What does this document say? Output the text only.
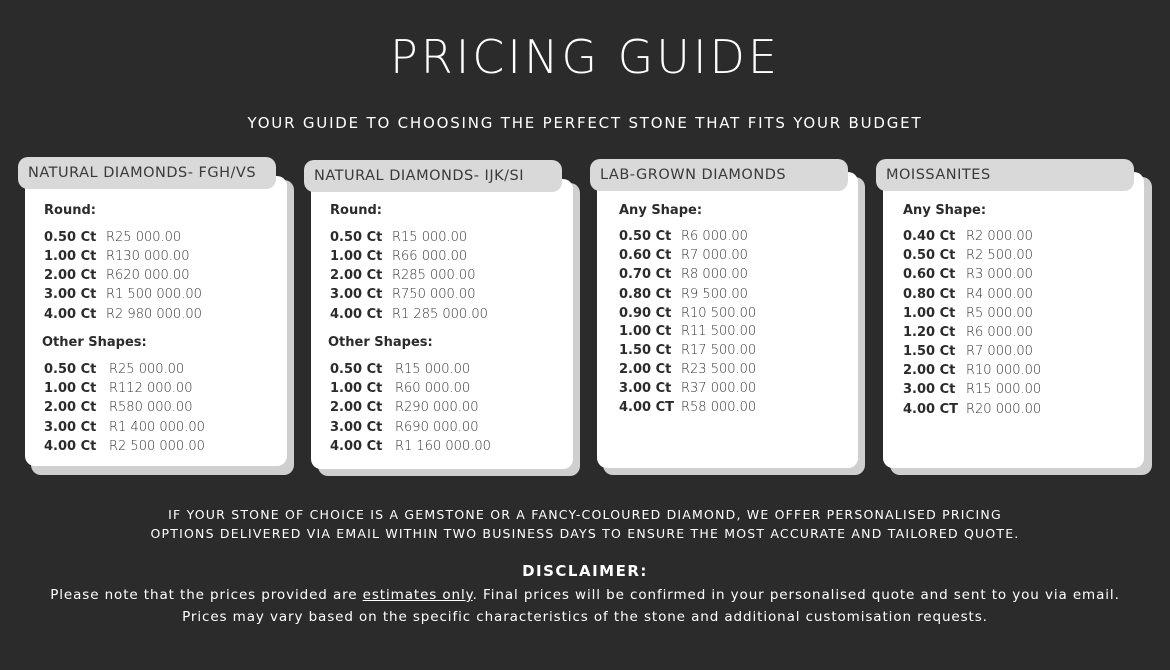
PRICING GUIDE
YOUR GUIDE TO CHOOSING THE PERFECT STONE THAT FITS YOUR BUDGET
NATURAL DIAMONDS- FGH/VS
Round:
0.50 Ct R25 000.00
1.00 Ct R130 000.00
2.00 Ct R620 000.00
3.00 Ct R1 500 000.00
4.00 Ct R2 980 000.00
Other Shapes:
0.50 Ct R25 000.00
1.00 Ct R112 000.00
2.00 Ct R580 000.00
3.00 Ct R1 400 000.00
4.00 Ct R2 500 000.00
NATURAL DIAMONDS- IJK/SI
Round:
0.50 Ct R15 000.00
1.00 Ct R66 000.00
2.00 Ct R285 000.00
3.00 Ct R750 000.00
4.00 Ct R1 285 000.00
Other Shapes:
0.50 Ct R15 000.00
1.00 Ct R60 000.00
2.00 Ct R290 000.00
3.00 Ct R690 000.00
4.00 Ct R1 160 000.00
LAB-GROWN DIAMONDS
Any Shape:
0.50 Ct R6 000.00
0.60 Ct R7 000.00
0.70 Ct R8 000.00
0.80 Ct R9 500.00
0.90 Ct R10 500.00
1.00 Ct R11 500.00
1.50 Ct R17 500.00
2.00 Ct R23 500.00
3.00 Ct R37 000.00
4.00 CT R58 000.00
MOISSANITES
Any Shape:
0.40 Ct R2 000.00
0.50 Ct R2 500.00
0.60 Ct R3 000.00
0.80 Ct R4 000.00
1.00 Ct R5 000.00
1.20 Ct R6 000.00
1.50 Ct R7 000.00
2.00 Ct R10 000.00
3.00 Ct R15 000.00
4.00 CT R20 000.00
IF YOUR STONE OF CHOICE IS A GEMSTONE OR A FANCY-COLOURED DIAMOND, WE OFFER PERSONALISED PRICING
OPTIONS DELIVERED VIA EMAIL WITHIN TWO BUSINESS DAYS TO ENSURE THE MOST ACCURATE AND TAILORED QUOTE.
DISCLAIMER:
Please note that the prices provided are estimates only. Final prices will be confirmed in your personalised quote and sent to you via email. Prices may vary based on the specific characteristics of the stone and additional customisation requests.
